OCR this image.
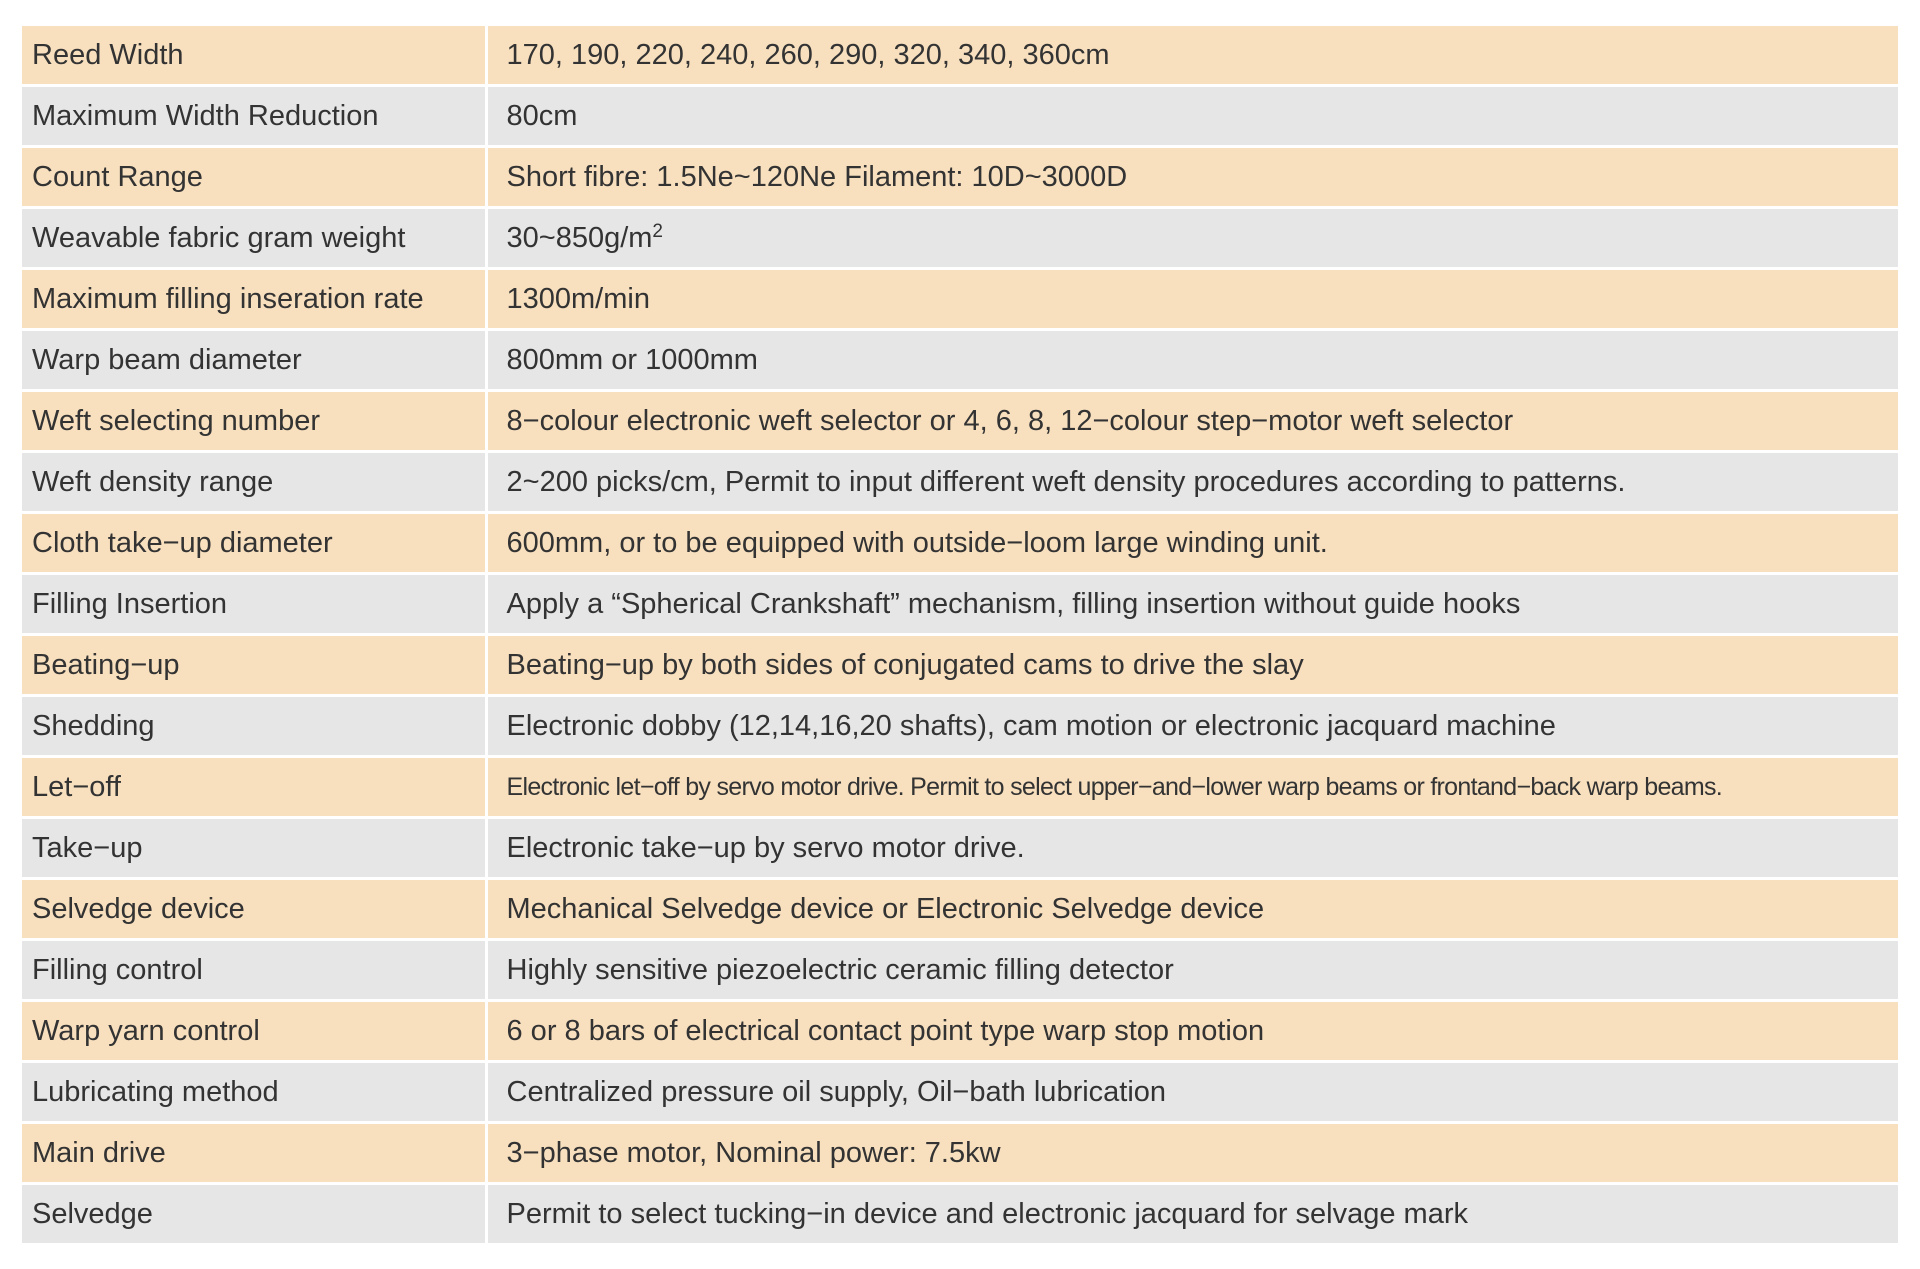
Reed Width	170, 190, 220, 240, 260, 290, 320, 340, 360cm
Maximum Width Reduction	80cm
Count Range	Short fibre: 1.5Ne~120Ne Filament: 10D~3000D
Weavable fabric gram weight	$30\sim 850g/m^2$
Maximum filling inseration rate	1300m/min
Warp beam diameter	800mm or 1000mm
Weft selecting number	8−colour electronic weft selector or 4, 6, 8, 12−colour step−motor weft selector
Weft density range	2~200 picks/cm, Permit to input different weft density procedures according to patterns.
Cloth take−up diameter	600mm, or to be equipped with outside−loom large winding unit.
Filling Insertion	Apply a “Spherical Crankshaft” mechanism, filling insertion without guide hooks
Beating−up	Beating−up by both sides of conjugated cams to drive the slay
Shedding	Electronic dobby (12,14,16,20 shafts), cam motion or electronic jacquard machine
Let−off	Electronic let−off by servo motor drive. Permit to select upper−and−lower warp beams or frontand−back warp beams.
Take−up	Electronic take−up by servo motor drive.
Selvedge device	Mechanical Selvedge device or Electronic Selvedge device
Filling control	Highly sensitive piezoelectric ceramic filling detector
Warp yarn control	6 or 8 bars of electrical contact point type warp stop motion
Lubricating method	Centralized pressure oil supply, Oil−bath lubrication
Main drive	3−phase motor, Nominal power: 7.5kw
Selvedge	Permit to select tucking−in device and electronic jacquard for selvage mark
